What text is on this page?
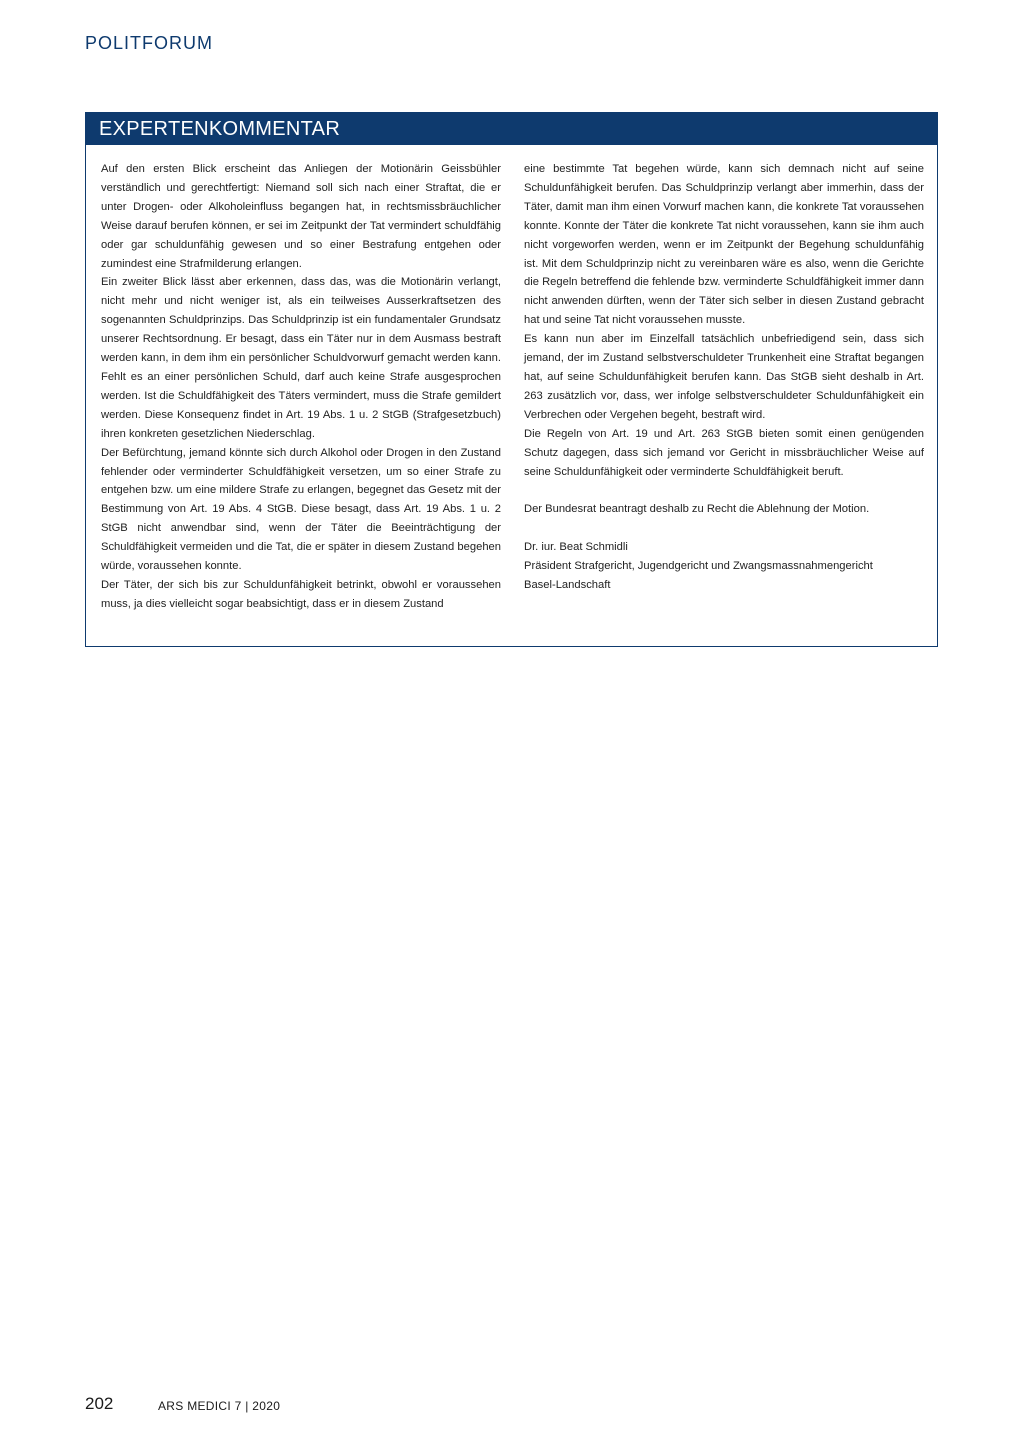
POLITFORUM
EXPERTENKOMMENTAR

Auf den ersten Blick erscheint das Anliegen der Motionärin Geissbühler verständlich und gerechtfertigt: Niemand soll sich nach einer Straftat, die er unter Drogen- oder Alkoholeinfluss begangen hat, in rechtsmissbräuchlicher Weise darauf berufen können, er sei im Zeitpunkt der Tat vermindert schuldfähig oder gar schuldunfähig gewesen und so einer Bestrafung entgehen oder zumindest eine Strafmilderung erlangen.

Ein zweiter Blick lässt aber erkennen, dass das, was die Motionärin verlangt, nicht mehr und nicht weniger ist, als ein teilweises Ausserkraftsetzen des sogenannten Schuldprinzips. Das Schuldprinzip ist ein fundamentaler Grundsatz unserer Rechtsordnung. Er besagt, dass ein Täter nur in dem Ausmass bestraft werden kann, in dem ihm ein persönlicher Schuldvorwurf gemacht werden kann. Fehlt es an einer persönlichen Schuld, darf auch keine Strafe ausgesprochen werden. Ist die Schuldfähigkeit des Täters vermindert, muss die Strafe gemildert werden. Diese Konsequenz findet in Art. 19 Abs. 1 u. 2 StGB (Strafgesetzbuch) ihren konkreten gesetzlichen Niederschlag.

Der Befürchtung, jemand könnte sich durch Alkohol oder Drogen in den Zustand fehlender oder verminderter Schuldfähigkeit versetzen, um so einer Strafe zu entgehen bzw. um eine mildere Strafe zu erlangen, begegnet das Gesetz mit der Bestimmung von Art. 19 Abs. 4 StGB. Diese besagt, dass Art. 19 Abs. 1 u. 2 StGB nicht anwendbar sind, wenn der Täter die Beeinträchtigung der Schuldfähigkeit vermeiden und die Tat, die er später in diesem Zustand begehen würde, voraussehen konnte.

Der Täter, der sich bis zur Schuldunfähigkeit betrinkt, obwohl er voraussehen muss, ja dies vielleicht sogar beabsichtigt, dass er in diesem Zustand

eine bestimmte Tat begehen würde, kann sich demnach nicht auf seine Schuldunfähigkeit berufen. Das Schuldprinzip verlangt aber immerhin, dass der Täter, damit man ihm einen Vorwurf machen kann, die konkrete Tat voraussehen konnte. Konnte der Täter die konkrete Tat nicht voraussehen, kann sie ihm auch nicht vorgeworfen werden, wenn er im Zeitpunkt der Begehung schuldunfähig ist. Mit dem Schuldprinzip nicht zu vereinbaren wäre es also, wenn die Gerichte die Regeln betreffend die fehlende bzw. verminderte Schuldfähigkeit immer dann nicht anwenden dürften, wenn der Täter sich selber in diesen Zustand gebracht hat und seine Tat nicht voraussehen musste.

Es kann nun aber im Einzelfall tatsächlich unbefriedigend sein, dass sich jemand, der im Zustand selbstverschuldeter Trunkenheit eine Straftat begangen hat, auf seine Schuldunfähigkeit berufen kann. Das StGB sieht deshalb in Art. 263 zusätzlich vor, dass, wer infolge selbstverschuldeter Schuldunfähigkeit ein Verbrechen oder Vergehen begeht, bestraft wird.

Die Regeln von Art. 19 und Art. 263 StGB bieten somit einen genügenden Schutz dagegen, dass sich jemand vor Gericht in missbräuchlicher Weise auf seine Schuldunfähigkeit oder verminderte Schuldfähigkeit beruft.

Der Bundesrat beantragt deshalb zu Recht die Ablehnung der Motion.

Dr. iur. Beat Schmidli
Präsident Strafgericht, Jugendgericht und Zwangsmassnahmengericht
Basel-Landschaft
202	ARS MEDICI 7 | 2020
